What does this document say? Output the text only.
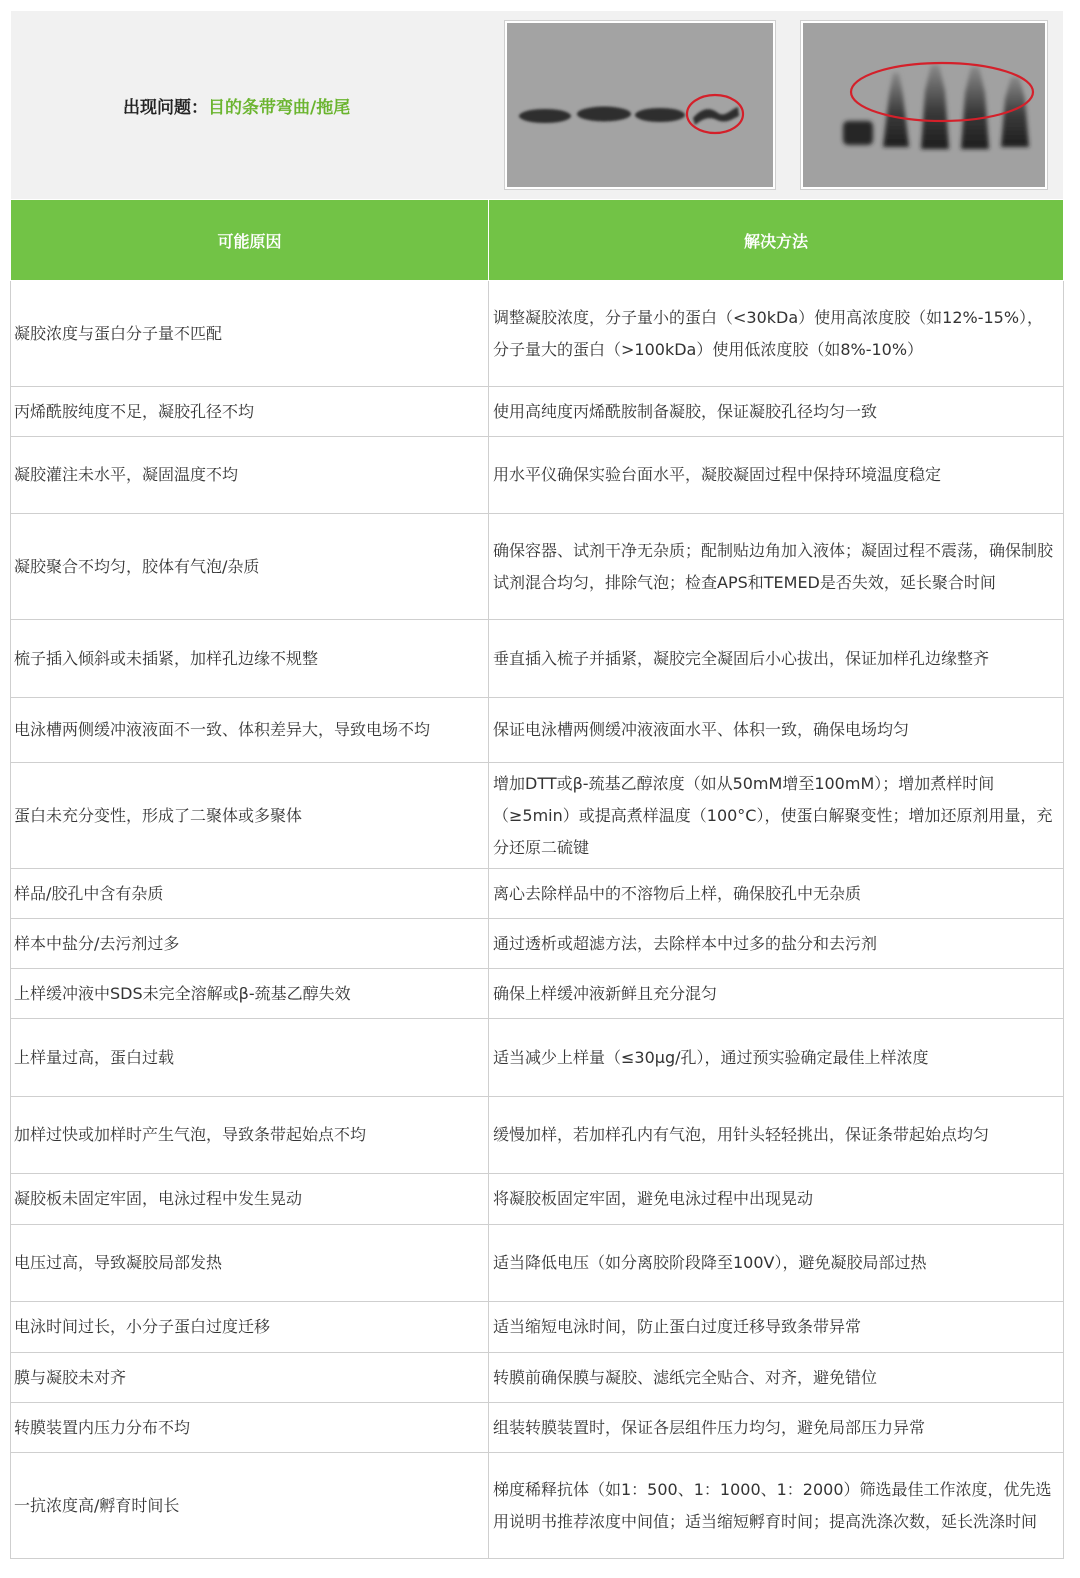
出现问题：目的条带弯曲/拖尾
可能原因	解决方法
凝胶浓度与蛋白分子量不匹配	调整凝胶浓度，分子量小的蛋白（<30kDa）使用高浓度胶（如12%-15%），分子量大的蛋白（>100kDa）使用低浓度胶（如8%-10%）
丙烯酰胺纯度不足，凝胶孔径不均	使用高纯度丙烯酰胺制备凝胶，保证凝胶孔径均匀一致
凝胶灌注未水平，凝固温度不均	用水平仪确保实验台面水平，凝胶凝固过程中保持环境温度稳定
凝胶聚合不均匀，胶体有气泡/杂质	确保容器、试剂干净无杂质；配制贴边角加入液体；凝固过程不震荡，确保制胶试剂混合均匀，排除气泡；检查APS和TEMED是否失效，延长聚合时间
梳子插入倾斜或未插紧，加样孔边缘不规整	垂直插入梳子并插紧，凝胶完全凝固后小心拔出，保证加样孔边缘整齐
电泳槽两侧缓冲液液面不一致、体积差异大，导致电场不均	保证电泳槽两侧缓冲液液面水平、体积一致，确保电场均匀
蛋白未充分变性，形成了二聚体或多聚体	增加DTT或β-巯基乙醇浓度（如从50mM增至100mM）；增加煮样时间（≥5min）或提高煮样温度（100°C），使蛋白解聚变性；增加还原剂用量，充分还原二硫键
样品/胶孔中含有杂质	离心去除样品中的不溶物后上样，确保胶孔中无杂质
样本中盐分/去污剂过多	通过透析或超滤方法，去除样本中过多的盐分和去污剂
上样缓冲液中SDS未完全溶解或β-巯基乙醇失效	确保上样缓冲液新鲜且充分混匀
上样量过高，蛋白过载	适当减少上样量（≤30μg/孔），通过预实验确定最佳上样浓度
加样过快或加样时产生气泡，导致条带起始点不均	缓慢加样，若加样孔内有气泡，用针头轻轻挑出，保证条带起始点均匀
凝胶板未固定牢固，电泳过程中发生晃动	将凝胶板固定牢固，避免电泳过程中出现晃动
电压过高，导致凝胶局部发热	适当降低电压（如分离胶阶段降至100V），避免凝胶局部过热
电泳时间过长，小分子蛋白过度迁移	适当缩短电泳时间，防止蛋白过度迁移导致条带异常
膜与凝胶未对齐	转膜前确保膜与凝胶、滤纸完全贴合、对齐，避免错位
转膜装置内压力分布不均	组装转膜装置时，保证各层组件压力均匀，避免局部压力异常
一抗浓度高/孵育时间长	梯度稀释抗体（如1：500、1：1000、1：2000）筛选最佳工作浓度，优先选用说明书推荐浓度中间值；适当缩短孵育时间；提高洗涤次数，延长洗涤时间
